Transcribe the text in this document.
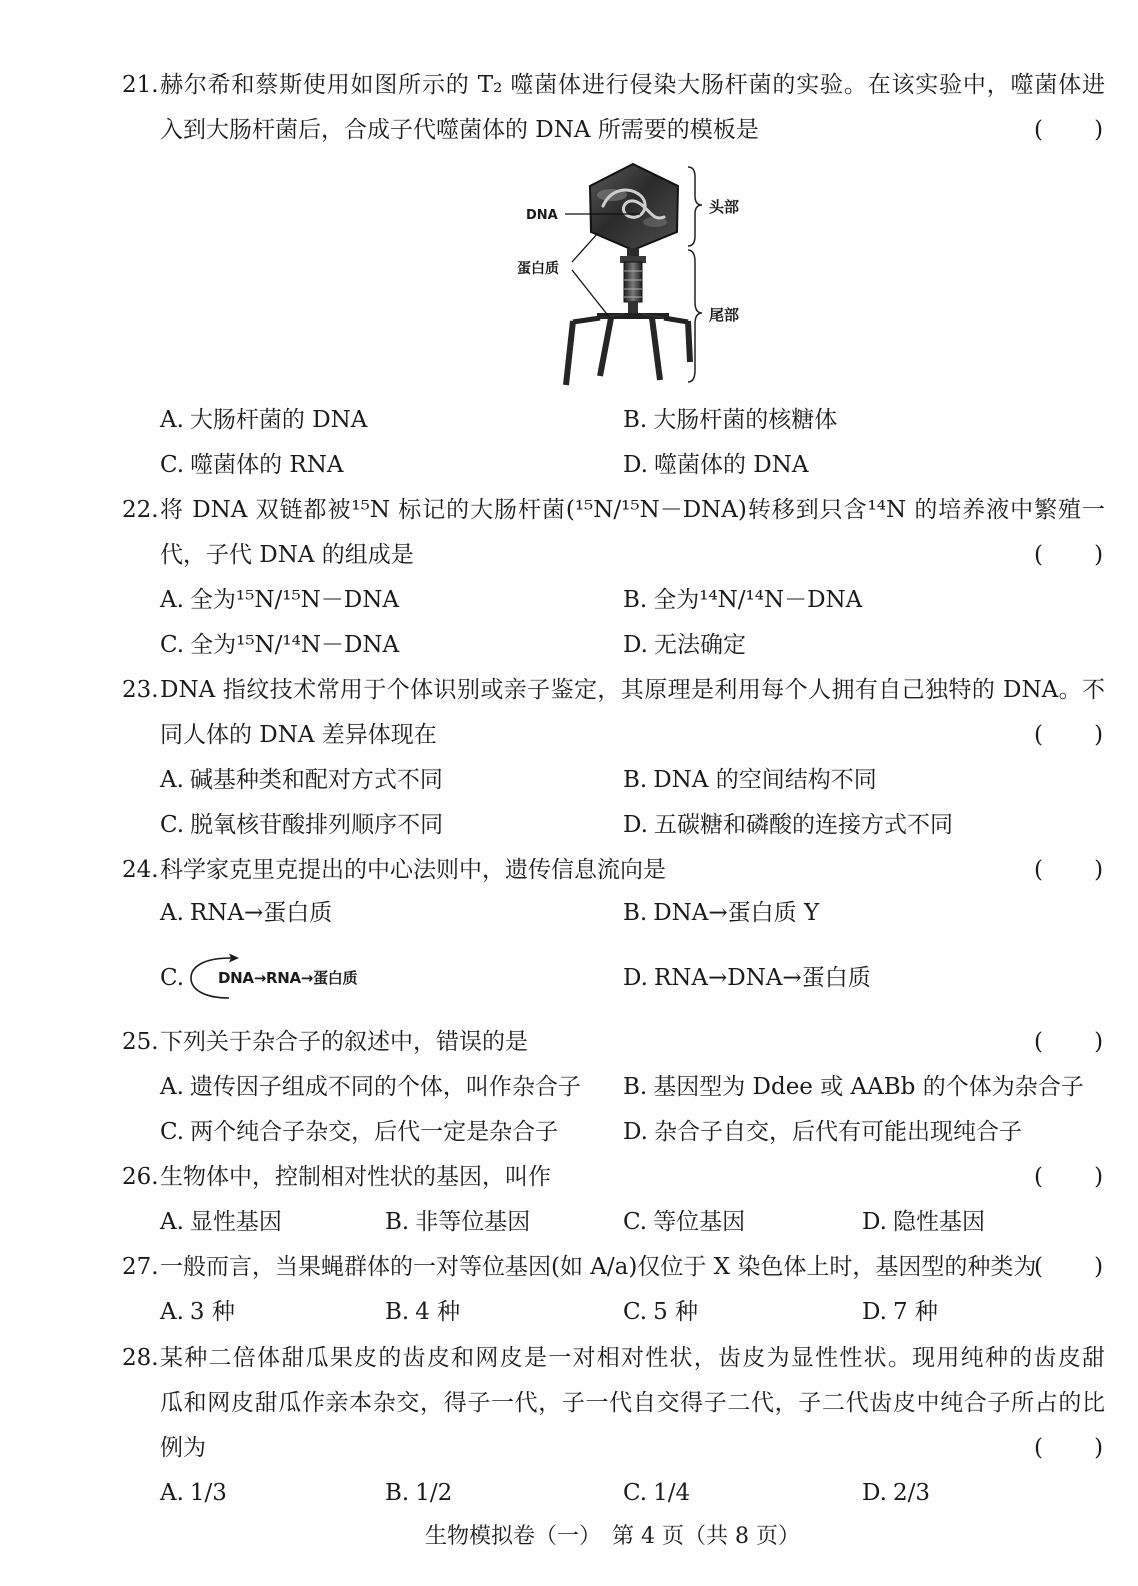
21. 赫尔希和蔡斯使用如图所示的 T₂ 噬菌体进行侵染大肠杆菌的实验。在该实验中，噬菌体进
入到大肠杆菌后，合成子代噬菌体的 DNA 所需要的模板是	(       )
DNA
蛋白质
头部
尾部
A. 大肠杆菌的 DNA	B. 大肠杆菌的核糖体
C. 噬菌体的 RNA	D. 噬菌体的 DNA
22. 将 DNA 双链都被¹⁵N 标记的大肠杆菌(¹⁵N/¹⁵N－DNA)转移到只含¹⁴N 的培养液中繁殖一
代，子代 DNA 的组成是	(       )
A. 全为¹⁵N/¹⁵N－DNA	B. 全为¹⁴N/¹⁴N－DNA
C. 全为¹⁵N/¹⁴N－DNA	D. 无法确定
23. DNA 指纹技术常用于个体识别或亲子鉴定，其原理是利用每个人拥有自己独特的 DNA。不
同人体的 DNA 差异体现在	(       )
A. 碱基种类和配对方式不同	B. DNA 的空间结构不同
C. 脱氧核苷酸排列顺序不同	D. 五碳糖和磷酸的连接方式不同
24. 科学家克里克提出的中心法则中，遗传信息流向是	(       )
A. RNA→蛋白质	B. DNA→蛋白质 Y
C.	DNA→RNA→蛋白质	D. RNA→DNA→蛋白质
25. 下列关于杂合子的叙述中，错误的是	(       )
A. 遗传因子组成不同的个体，叫作杂合子 B. 基因型为 Ddee 或 AABb 的个体为杂合子
C. 两个纯合子杂交，后代一定是杂合子	D. 杂合子自交，后代有可能出现纯合子
26. 生物体中，控制相对性状的基因，叫作	(       )
A. 显性基因	B. 非等位基因	C. 等位基因	D. 隐性基因
27. 一般而言，当果蝇群体的一对等位基因(如 A/a)仅位于 X 染色体上时，基因型的种类为
(       )
A. 3 种	B. 4 种	C. 5 种	D. 7 种
28. 某种二倍体甜瓜果皮的齿皮和网皮是一对相对性状，齿皮为显性性状。现用纯种的齿皮甜
瓜和网皮甜瓜作亲本杂交，得子一代，子一代自交得子二代，子二代齿皮中纯合子所占的比
例为	(       )
A. 1/3	B. 1/2	C. 1/4	D. 2/3
生物模拟卷（一）　第 4 页（共 8 页）
